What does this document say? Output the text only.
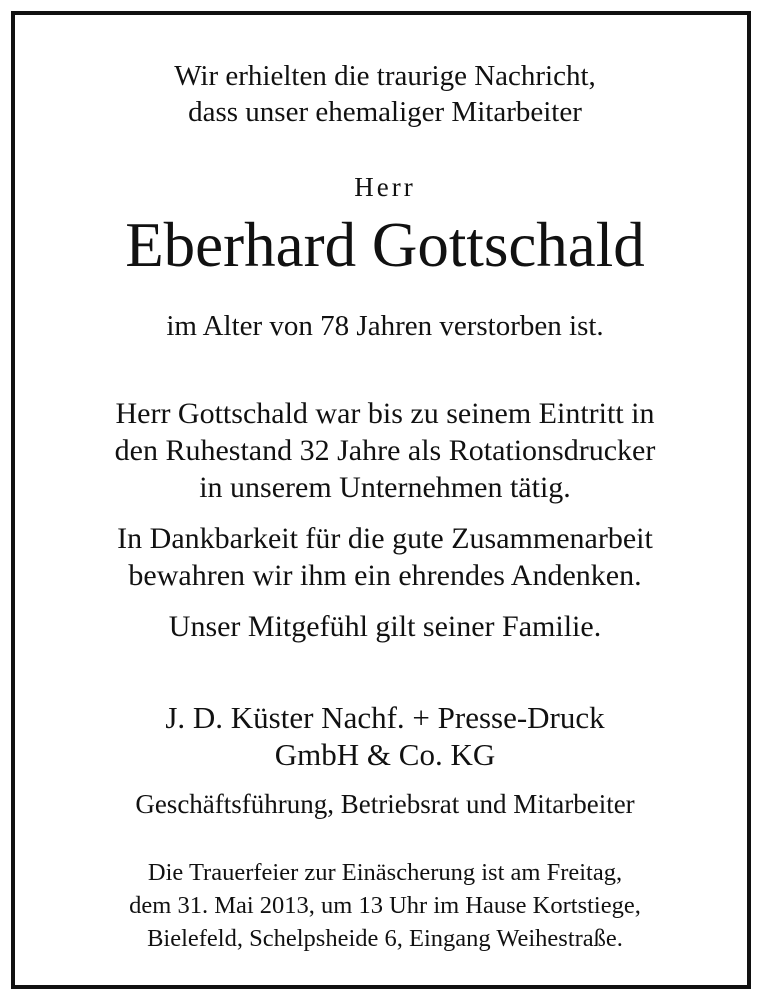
Wir erhielten die traurige Nachricht,
dass unser ehemaliger Mitarbeiter
Herr
Eberhard Gottschald
im Alter von 78 Jahren verstorben ist.
Herr Gottschald war bis zu seinem Eintritt in
den Ruhestand 32 Jahre als Rotationsdrucker
in unserem Unternehmen tätig.
In Dankbarkeit für die gute Zusammenarbeit
bewahren wir ihm ein ehrendes Andenken.
Unser Mitgefühl gilt seiner Familie.
J. D. Küster Nachf. + Presse-Druck
GmbH & Co. KG
Geschäftsführung, Betriebsrat und Mitarbeiter
Die Trauerfeier zur Einäscherung ist am Freitag,
dem 31. Mai 2013, um 13 Uhr im Hause Kortstiege,
Bielefeld, Schelpsheide 6, Eingang Weihestraße.
